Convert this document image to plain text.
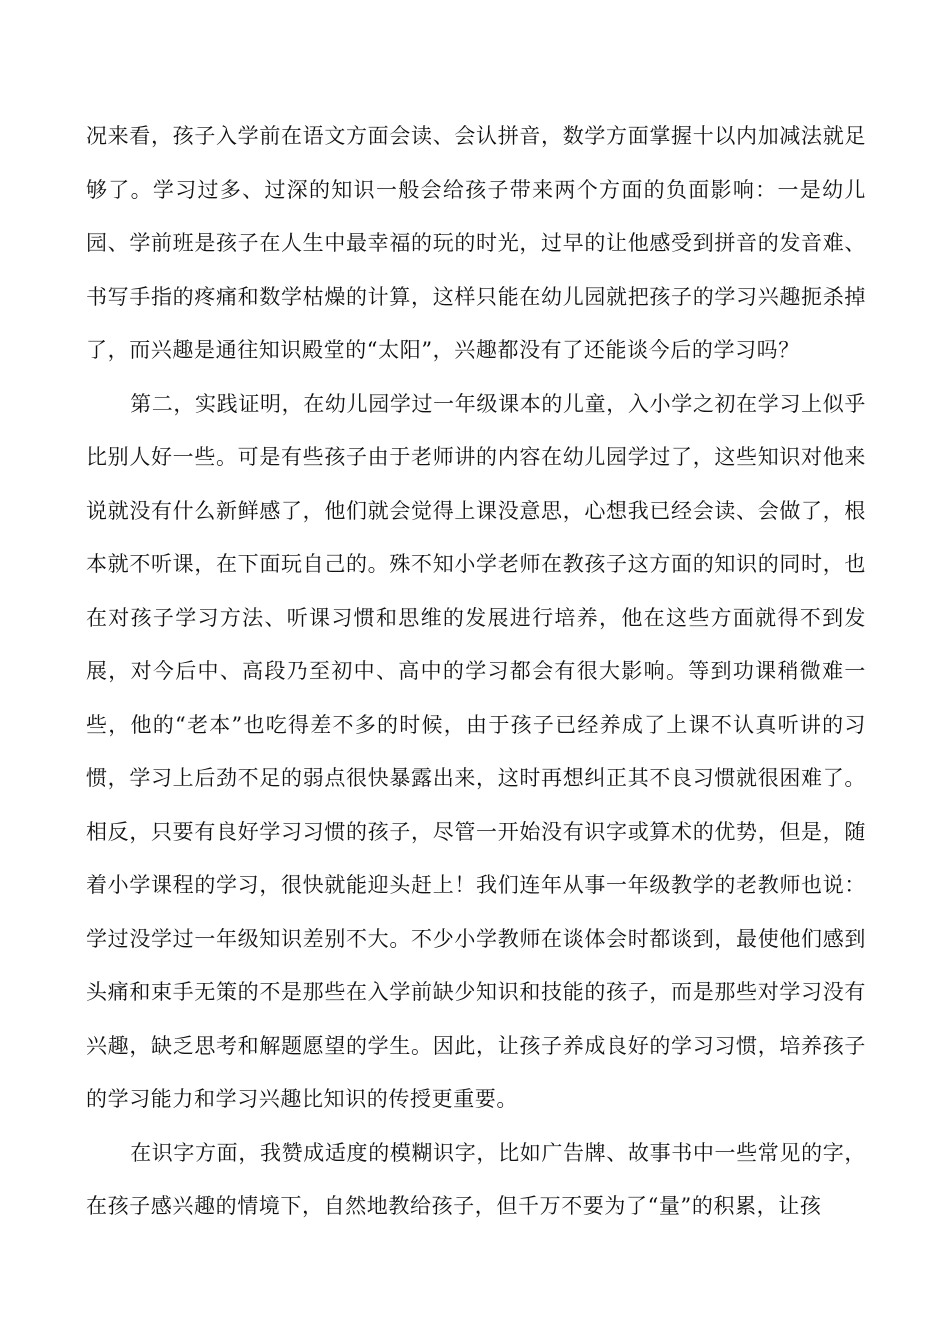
况来看，孩子入学前在语文方面会读、会认拼音，数学方面掌握十以内加减法就足够了。学习过多、过深的知识一般会给孩子带来两个方面的负面影响：一是幼儿园、学前班是孩子在人生中最幸福的玩的时光，过早的让他感受到拼音的发音难、书写手指的疼痛和数学枯燥的计算，这样只能在幼儿园就把孩子的学习兴趣扼杀掉了，而兴趣是通往知识殿堂的“太阳”，兴趣都没有了还能谈今后的学习吗？

第二，实践证明，在幼儿园学过一年级课本的儿童，入小学之初在学习上似乎比别人好一些。可是有些孩子由于老师讲的内容在幼儿园学过了，这些知识对他来说就没有什么新鲜感了，他们就会觉得上课没意思，心想我已经会读、会做了，根本就不听课，在下面玩自己的。殊不知小学老师在教孩子这方面的知识的同时，也在对孩子学习方法、听课习惯和思维的发展进行培养，他在这些方面就得不到发展，对今后中、高段乃至初中、高中的学习都会有很大影响。等到功课稍微难一些，他的“老本”也吃得差不多的时候，由于孩子已经养成了上课不认真听讲的习惯，学习上后劲不足的弱点很快暴露出来，这时再想纠正其不良习惯就很困难了。相反，只要有良好学习习惯的孩子，尽管一开始没有识字或算术的优势，但是，随着小学课程的学习，很快就能迎头赶上！我们连年从事一年级教学的老教师也说：学过没学过一年级知识差别不大。不少小学教师在谈体会时都谈到，最使他们感到头痛和束手无策的不是那些在入学前缺少知识和技能的孩子，而是那些对学习没有兴趣，缺乏思考和解题愿望的学生。因此，让孩子养成良好的学习习惯，培养孩子的学习能力和学习兴趣比知识的传授更重要。

在识字方面，我赞成适度的模糊识字，比如广告牌、故事书中一些常见的字，在孩子感兴趣的情境下，自然地教给孩子，但千万不要为了“量”的积累，让孩
